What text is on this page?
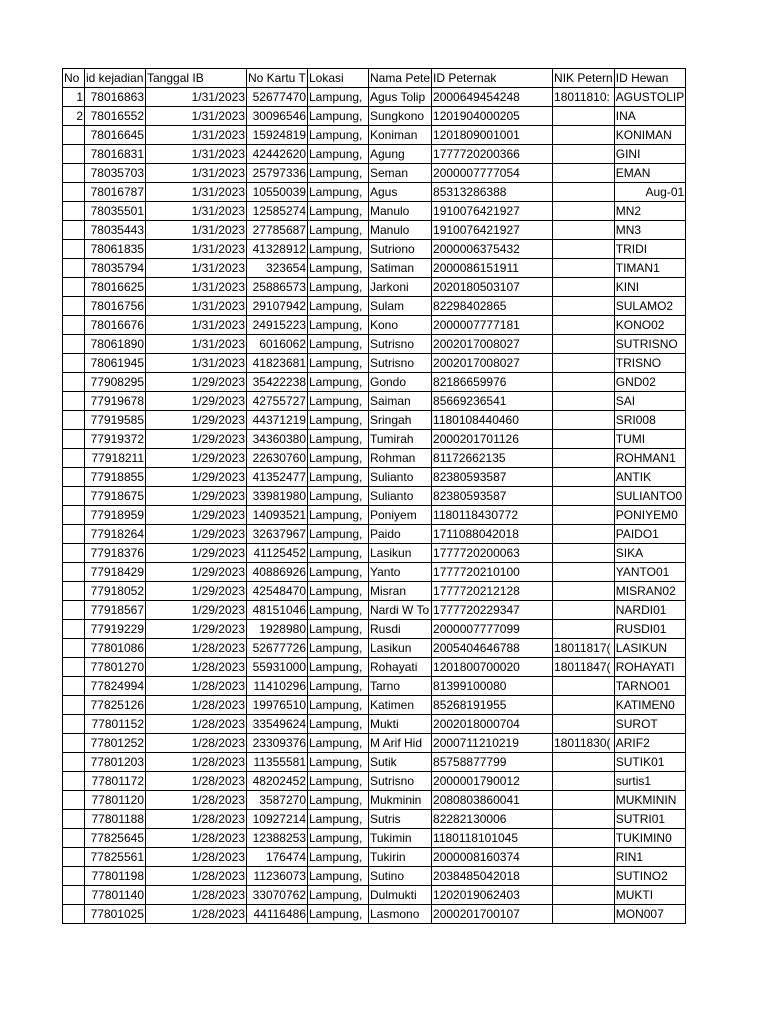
No	id kejadian	Tanggal IB	No Kartu T	Lokasi	Nama Pete	ID Peternak	NIK Petern	ID Hewan
1	78016863	1/31/2023	52677470	Lampung,	Agus Tolip	2000649454248	18011810:	AGUSTOLIP
2	78016552	1/31/2023	30096546	Lampung,	Sungkono	1201904000205		INA
	78016645	1/31/2023	15924819	Lampung,	Koniman	1201809001001		KONIMAN
	78016831	1/31/2023	42442620	Lampung,	Agung	1777720200366		GINI
	78035703	1/31/2023	25797336	Lampung,	Seman	2000007777054		EMAN
	78016787	1/31/2023	10550039	Lampung,	Agus	85313286388		Aug-01
	78035501	1/31/2023	12585274	Lampung,	Manulo	1910076421927		MN2
	78035443	1/31/2023	27785687	Lampung,	Manulo	1910076421927		MN3
	78061835	1/31/2023	41328912	Lampung,	Sutriono	2000006375432		TRIDI
	78035794	1/31/2023	323654	Lampung,	Satiman	2000086151911		TIMAN1
	78016625	1/31/2023	25886573	Lampung,	Jarkoni	2020180503107		KINI
	78016756	1/31/2023	29107942	Lampung,	Sulam	82298402865		SULAMO2
	78016676	1/31/2023	24915223	Lampung,	Kono	2000007777181		KONO02
	78061890	1/31/2023	6016062	Lampung,	Sutrisno	2002017008027		SUTRISNO
	78061945	1/31/2023	41823681	Lampung,	Sutrisno	2002017008027		TRISNO
	77908295	1/29/2023	35422238	Lampung,	Gondo	82186659976		GND02
	77919678	1/29/2023	42755727	Lampung,	Saiman	85669236541		SAI
	77919585	1/29/2023	44371219	Lampung,	Sringah	1180108440460		SRI008
	77919372	1/29/2023	34360380	Lampung,	Tumirah	2000201701126		TUMI
	77918211	1/29/2023	22630760	Lampung,	Rohman	81172662135		ROHMAN1
	77918855	1/29/2023	41352477	Lampung,	Sulianto	82380593587		ANTIK
	77918675	1/29/2023	33981980	Lampung,	Sulianto	82380593587		SULIANTO0
	77918959	1/29/2023	14093521	Lampung,	Poniyem	1180118430772		PONIYEM0
	77918264	1/29/2023	32637967	Lampung,	Paido	1711088042018		PAIDO1
	77918376	1/29/2023	41125452	Lampung,	Lasikun	1777720200063		SIKA
	77918429	1/29/2023	40886926	Lampung,	Yanto	1777720210100		YANTO01
	77918052	1/29/2023	42548470	Lampung,	Misran	1777720212128		MISRAN02
	77918567	1/29/2023	48151046	Lampung,	Nardi W To	1777720229347		NARDI01
	77919229	1/29/2023	1928980	Lampung,	Rusdi	2000007777099		RUSDI01
	77801086	1/28/2023	52677726	Lampung,	Lasikun	2005404646788	18011817(	LASIKUN
	77801270	1/28/2023	55931000	Lampung,	Rohayati	1201800700020	18011847(	ROHAYATI
	77824994	1/28/2023	11410296	Lampung,	Tarno	81399100080		TARNO01
	77825126	1/28/2023	19976510	Lampung,	Katimen	85268191955		KATIMEN0
	77801152	1/28/2023	33549624	Lampung,	Mukti	2002018000704		SUROT
	77801252	1/28/2023	23309376	Lampung,	M Arif Hid	2000711210219	18011830(	ARIF2
	77801203	1/28/2023	11355581	Lampung,	Sutik	85758877799		SUTIK01
	77801172	1/28/2023	48202452	Lampung,	Sutrisno	2000001790012		surtis1
	77801120	1/28/2023	3587270	Lampung,	Mukminin	2080803860041		MUKMININ
	77801188	1/28/2023	10927214	Lampung,	Sutris	82282130006		SUTRI01
	77825645	1/28/2023	12388253	Lampung,	Tukimin	1180118101045		TUKIMIN0
	77825561	1/28/2023	176474	Lampung,	Tukirin	2000008160374		RIN1
	77801198	1/28/2023	11236073	Lampung,	Sutino	2038485042018		SUTINO2
	77801140	1/28/2023	33070762	Lampung,	Dulmukti	1202019062403		MUKTI
	77801025	1/28/2023	44116486	Lampung,	Lasmono	2000201700107		MON007
